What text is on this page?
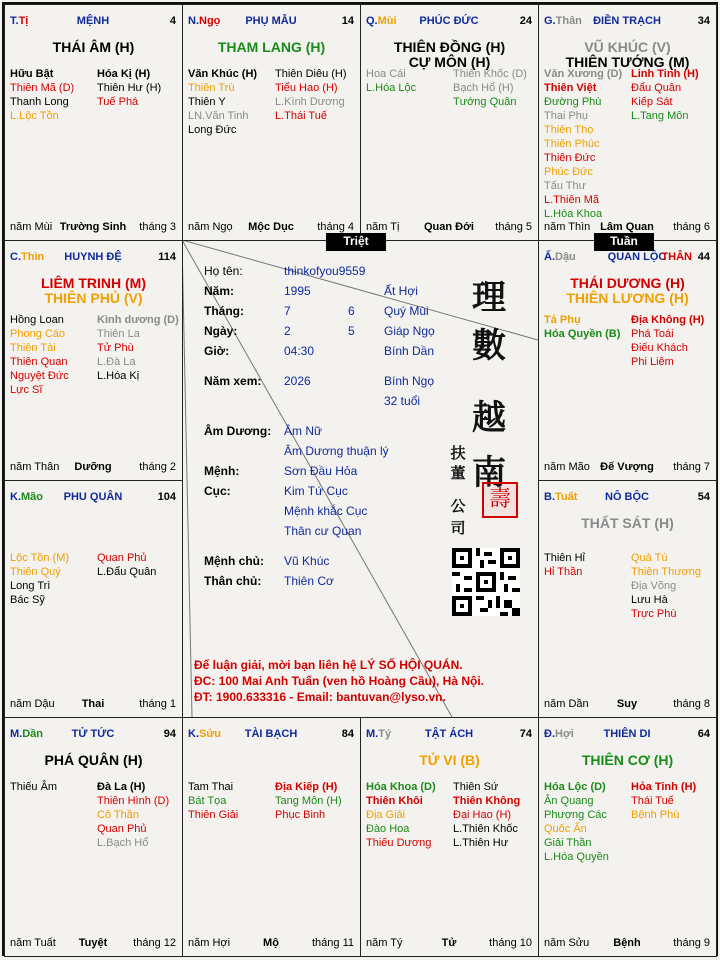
Họ tên:	thinkofyou9559
Năm:	1995	Ất Hợi
Tháng:	7	6 Quý Mùi
Ngày:	2	5 Giáp Ngọ
Giờ:	04:30	Bính Dần
Năm xem: 2026	Bính Ngọ
32 tuổi
Âm Dương: Âm Nữ
Âm Dương thuận lý
Mệnh:	Sơn Đầu Hỏa
Cục:	Kim Tứ Cục
Mệnh khắc Cục
Thân cư Quan
Mệnh chủ: Vũ Khúc
Thân chủ: Thiên Cơ
理
數
越
南
扶
董
公
司
壽
Để luận giải, mời bạn liên hệ LÝ SỐ HỘI QUÁN.
ĐC: 100 Mai Anh Tuấn (ven hồ Hoàng Cầu), Hà Nội.
ĐT: 1900.633316 - Email: bantuvan@lyso.vn.
T.Tị	MỆNH	4
THÁI ÂM (H)
Hữu Bật
Thiên Mã (D)
Thanh Long
L.Lộc Tồn
Hóa Kị (H)
Thiên Hư (H)
Tuế Phá
năm Mùi Trường Sinh	tháng 3
N.Ngọ	PHỤ MẪU	14
THAM LANG (H)
Văn Khúc (H)
Thiên Trù
Thiên Y
LN.Văn Tinh
Long Đức
Thiên Diêu (H)
Tiểu Hao (H)
L.Kình Dương
L.Thái Tuế
năm Ngọ	Mộc Dục	tháng 4
Q.Mùi	PHÚC ĐỨC	24
THIÊN ĐỒNG (H)
CỰ MÔN (H)
Hoa Cái
L.Hóa Lộc
Thiên Khốc (D)
Bạch Hổ (H)
Tướng Quân
năm Tị	Quan Đới	tháng 5
G.Thân	ĐIỀN TRẠCH	34
VŨ KHÚC (V)
THIÊN TƯỚNG (M)
Văn Xương (D)
Thiên Việt
Đường Phù
Thai Phụ
Thiên Thọ
Thiên Phúc
Thiên Đức
Phúc Đức
Tấu Thư
L.Thiên Mã
L.Hóa Khoa
Linh Tinh (H)
Đẩu Quân
Kiếp Sát
L.Tang Môn
năm Thìn Lâm Quan	tháng 6
C.Thìn	HUYNH ĐỆ	114
LIÊM TRINH (M)
THIÊN PHỦ (V)
Hồng Loan
Phong Cáo
Thiên Tài
Thiên Quan
Nguyệt Đức
Lực Sĩ
Kình dương (D)
Thiên La
Tử Phù
L.Đà La
L.Hóa Kị
năm Thân	Dưỡng	tháng 2
Ấ.Dậu	QUAN LỘC
THÂN 44
THÁI DƯƠNG (H)
THIÊN LƯƠNG (H)
Tả Phụ
Hóa Quyền (B)
Địa Không (H)
Phá Toái
Điếu Khách
Phi Liêm
năm Mão Đế Vượng	tháng 7
K.Mão	PHU QUÂN	104
Lộc Tồn (M)
Thiên Quý
Long Trì
Bác Sỹ
Quan Phủ
L.Đẩu Quân
năm Dậu	Thai	tháng 1
B.Tuất	NÔ BỘC	54
THẤT SÁT (H)
Thiên Hỉ
Hỉ Thần
Quả Tú
Thiên Thương
Địa Võng
Lưu Hà
Trực Phù
năm Dần	Suy	tháng 8
M.Dần	TỬ TỨC	94
PHÁ QUÂN (H)
Thiếu Âm	Đà La (H)
Thiên Hình (D)
Cô Thần
Quan Phủ
L.Bạch Hổ
năm Tuất	Tuyệt	tháng 12
K.Sửu	TÀI BẠCH	84
Tam Thai
Bát Tọa
Thiên Giải
Địa Kiếp (H)
Tang Môn (H)
Phục Binh
năm Hợi	Mộ	tháng 11
M.Tý	TẬT ÁCH	74
TỬ VI (B)
Hóa Khoa (D)
Thiên Khôi
Địa Giải
Đào Hoa
Thiếu Dương
Thiên Sứ
Thiên Không
Đại Hao (H)
L.Thiên Khốc
L.Thiên Hư
năm Tý	Tử	tháng 10
Đ.Hợi	THIÊN DI	64
THIÊN CƠ (H)
Hóa Lộc (D)
Ân Quang
Phượng Các
Quốc Ấn
Giải Thần
L.Hóa Quyền
Hỏa Tinh (H)
Thái Tuế
Bệnh Phù
năm Sửu	Bệnh	tháng 9
Triệt	Tuần
